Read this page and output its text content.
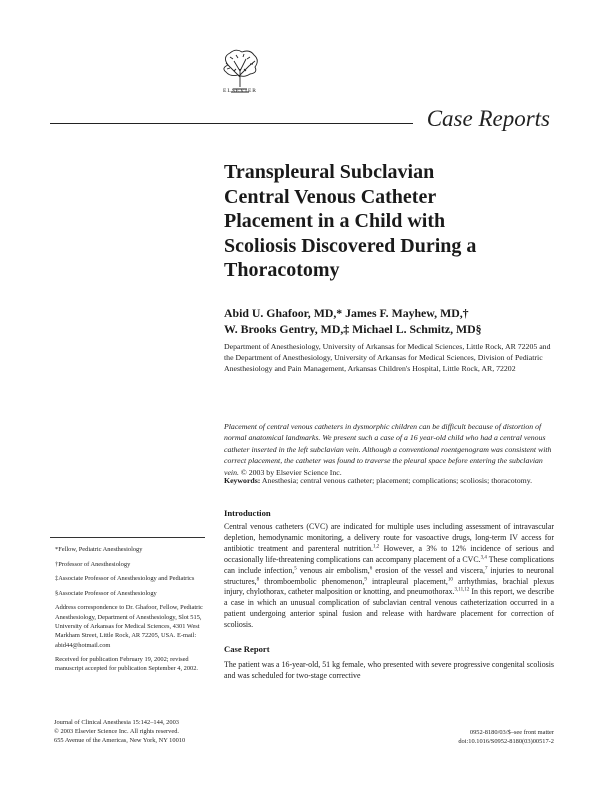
ELSEVIER
Case Reports
Transpleural Subclavian
Central Venous Catheter
Placement in a Child with
Scoliosis Discovered During a
Thoracotomy
Abid U. Ghafoor, MD,* James F. Mayhew, MD,†
W. Brooks Gentry, MD,‡ Michael L. Schmitz, MD§
Department of Anesthesiology, University of Arkansas for Medical Sciences, Little Rock, AR 72205 and the Department of Anesthesiology, University of Arkansas for Medical Sciences, Division of Pediatric Anesthesiology and Pain Management, Arkansas Children's Hospital, Little Rock, AR, 72202
Placement of central venous catheters in dysmorphic children can be difficult because of distortion of normal anatomical landmarks. We present such a case of a 16 year-old child who had a central venous catheter inserted in the left subclavian vein. Although a conventional roentgenogram was consistent with correct placement, the catheter was found to traverse the pleural space before entering the subclavian vein. © 2003 by Elsevier Science Inc.
Keywords: Anesthesia; central venous catheter; placement; complications; scoliosis; thoracotomy.
Introduction
Central venous catheters (CVC) are indicated for multiple uses including assessment of intravascular depletion, hemodynamic monitoring, a delivery route for vasoactive drugs, long-term IV access for antibiotic treatment and parenteral nutrition.$^{1,2}$ However, a 3% to 12% incidence of serious and occasionally life-threatening complications can accompany placement of a CVC.$^{3,4}$ These complications can include infection,$^5$ venous air embolism,$^6$ erosion of the vessel and viscera,$^7$ injuries to neuronal structures,$^8$ thromboembolic phenomenon,$^9$ intrapleural placement,$^{10}$ arrhythmias, brachial plexus injury, chylothorax, catheter malposition or knotting, and pneumothorax.$^{3,11,12}$ In this report, we describe a case in which an unusual complication of subclavian central venous catheterization occurred in a patient undergoing anterior spinal fusion and release with hardware placement for correction of scoliosis.
Case Report
The patient was a 16-year-old, 51 kg female, who presented with severe progressive congenital scoliosis and was scheduled for two-stage corrective

*Fellow, Pediatric Anesthesiology

†Professor of Anesthesiology

‡Associate Professor of Anesthesiology and Pediatrics

§Associate Professor of Anesthesiology

Address correspondence to Dr. Ghafoor, Fellow, Pediatric Anesthesiology, Department of Anesthesiology, Slot 515, University of Arkansas for Medical Sciences, 4301 West Markham Street, Little Rock, AR 72205, USA. E-mail: abid44@hotmail.com

Received for publication February 19, 2002; revised manuscript accepted for publication September 4, 2002.

Journal of Clinical Anesthesia 15:142–144, 2003
© 2003 Elsevier Science Inc. All rights reserved.
655 Avenue of the Americas, New York, NY 10010
0952-8180/03/$–see front matter
doi:10.1016/S0952-8180(03)00517-2
